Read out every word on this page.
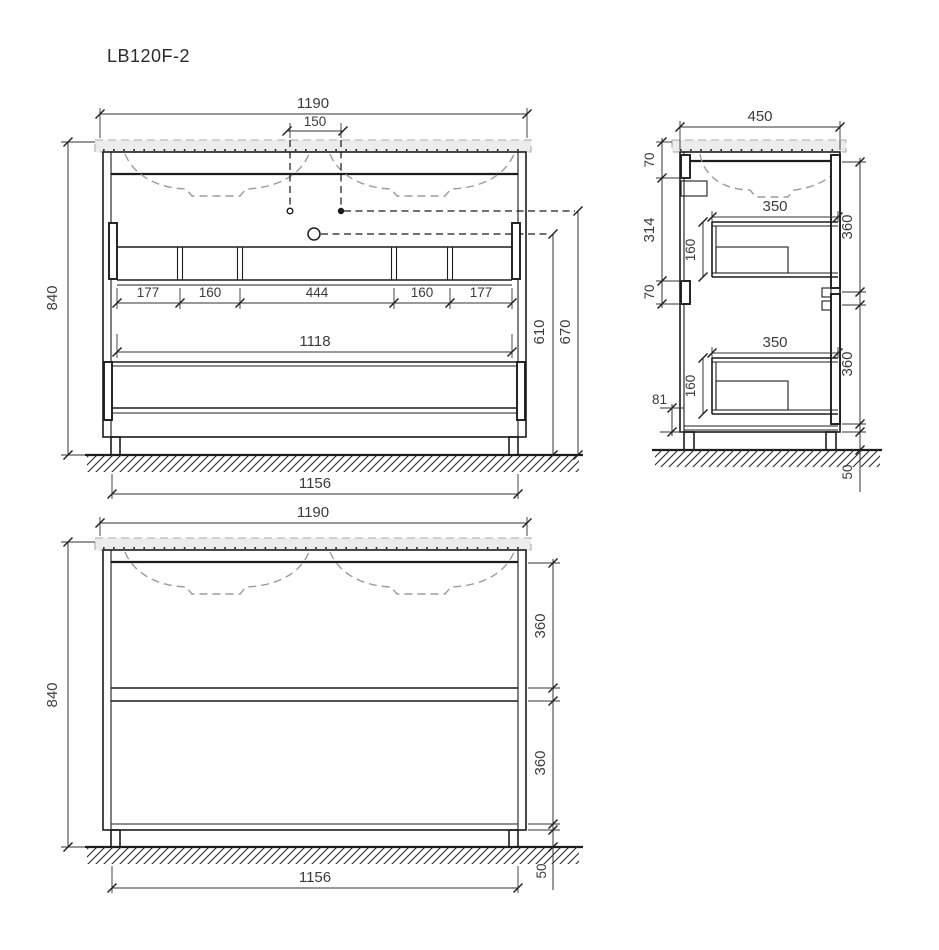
LB120F-2
1190
150
177	160	444	160	177
1118
840
610 670
1156
450
70
314
70
81
350
160
350
160
360
360
50
1190
840
360
360
50
1156
